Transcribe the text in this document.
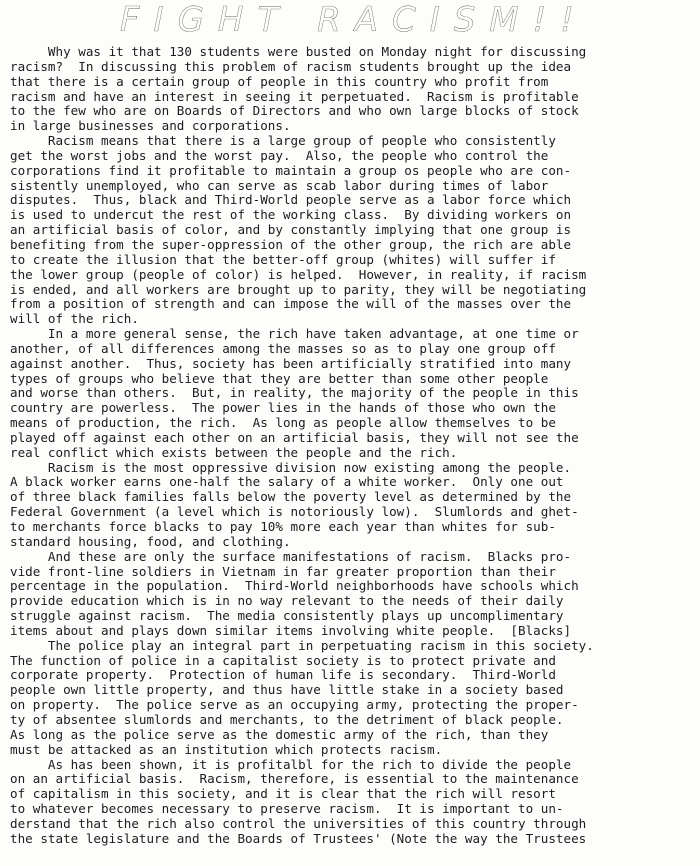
FIGHT RACISM!!
Why was it that 130 students were busted on Monday night for discussing
racism?  In discussing this problem of racism students brought up the idea
that there is a certain group of people in this country who profit from
racism and have an interest in seeing it perpetuated.  Racism is profitable
to the few who are on Boards of Directors and who own large blocks of stock
in large businesses and corporations.
Racism means that there is a large group of people who consistently
get the worst jobs and the worst pay.  Also, the people who control the
corporations find it profitable to maintain a group os people who are con-
sistently unemployed, who can serve as scab labor during times of labor
disputes.  Thus, black and Third-World people serve as a labor force which
is used to undercut the rest of the working class.  By dividing workers on
an artificial basis of color, and by constantly implying that one group is
benefiting from the super-oppression of the other group, the rich are able
to create the illusion that the better-off group (whites) will suffer if
the lower group (people of color) is helped.  However, in reality, if racism
is ended, and all workers are brought up to parity, they will be negotiating
from a position of strength and can impose the will of the masses over the
will of the rich.
In a more general sense, the rich have taken advantage, at one time or
another, of all differences among the masses so as to play one group off
against another.  Thus, society has been artificially stratified into many
types of groups who believe that they are better than some other people
and worse than others.  But, in reality, the majority of the people in this
country are powerless.  The power lies in the hands of those who own the
means of production, the rich.  As long as people allow themselves to be
played off against each other on an artificial basis, they will not see the
real conflict which exists between the people and the rich.
Racism is the most oppressive division now existing among the people.
A black worker earns one-half the salary of a white worker.  Only one out
of three black families falls below the poverty level as determined by the
Federal Government (a level which is notoriously low).  Slumlords and ghet-
to merchants force blacks to pay 10% more each year than whites for sub-
standard housing, food, and clothing.
And these are only the surface manifestations of racism.  Blacks pro-
vide front-line soldiers in Vietnam in far greater proportion than their
percentage in the population.  Third-World neighborhoods have schools which
provide education which is in no way relevant to the needs of their daily
struggle against racism.  The media consistently plays up uncomplimentary
items about and plays down similar items involving white people.  [Blacks]
The police play an integral part in perpetuating racism in this society.
The function of police in a capitalist society is to protect private and
corporate property.  Protection of human life is secondary.  Third-World
people own little property, and thus have little stake in a society based
on property.  The police serve as an occupying army, protecting the proper-
ty of absentee slumlords and merchants, to the detriment of black people.
As long as the police serve as the domestic army of the rich, than they
must be attacked as an institution which protects racism.
As has been shown, it is profitalbl for the rich to divide the people
on an artificial basis.  Racism, therefore, is essential to the maintenance
of capitalism in this society, and it is clear that the rich will resort
to whatever becomes necessary to preserve racism.  It is important to un-
derstand that the rich also control the universities of this country through
the state legislature and the Boards of Trustees' (Note the way the Trustees
